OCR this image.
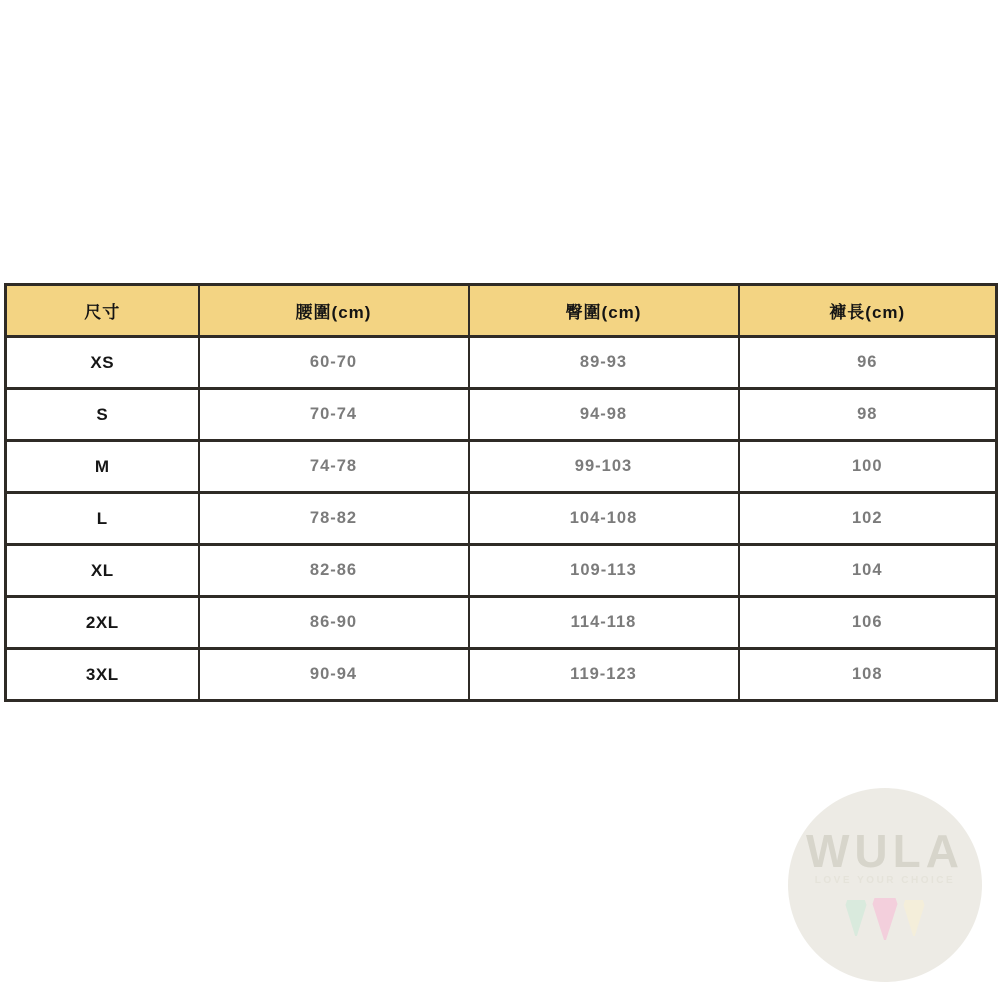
尺寸	腰圍(cm)	臀圍(cm)	褲長(cm)
XS	60-70	89-93	96
S	70-74	94-98	98
M	74-78	99-103	100
L	78-82	104-108	102
XL	82-86	109-113	104
2XL	86-90	114-118	106
3XL	90-94	119-123	108
WULA
LOVE YOUR CHOICE
